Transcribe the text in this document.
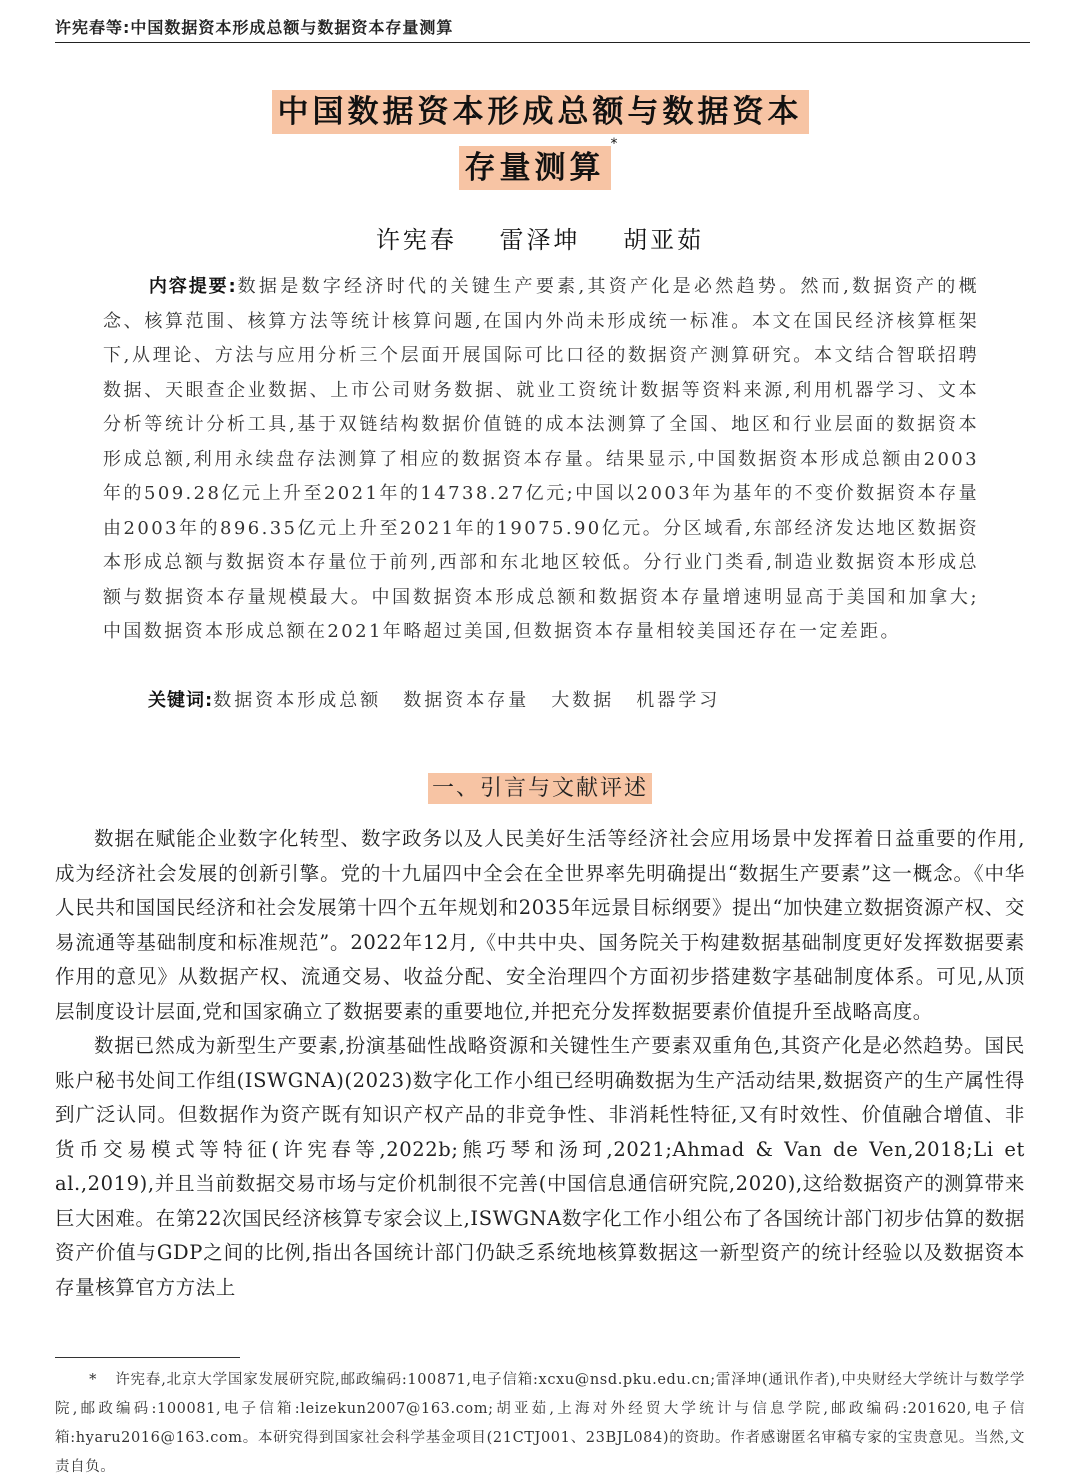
许宪春等:中国数据资本形成总额与数据资本存量测算
中国数据资本形成总额与数据资本
存量测算*
许宪春 雷泽坤 胡亚茹
内容提要:数据是数字经济时代的关键生产要素,其资产化是必然趋势。然而,数据资产的概念、核算范围、核算方法等统计核算问题,在国内外尚未形成统一标准。本文在国民经济核算框架下,从理论、方法与应用分析三个层面开展国际可比口径的数据资产测算研究。本文结合智联招聘数据、天眼查企业数据、上市公司财务数据、就业工资统计数据等资料来源,利用机器学习、文本分析等统计分析工具,基于双链结构数据价值链的成本法测算了全国、地区和行业层面的数据资本形成总额,利用永续盘存法测算了相应的数据资本存量。结果显示,中国数据资本形成总额由2003年的509.28亿元上升至2021年的14738.27亿元;中国以2003年为基年的不变价数据资本存量由2003年的896.35亿元上升至2021年的19075.90亿元。分区域看,东部经济发达地区数据资本形成总额与数据资本存量位于前列,西部和东北地区较低。分行业门类看,制造业数据资本形成总额与数据资本存量规模最大。中国数据资本形成总额和数据资本存量增速明显高于美国和加拿大;中国数据资本形成总额在2021年略超过美国,但数据资本存量相较美国还存在一定差距。
关键词:数据资本形成总额 数据资本存量 大数据 机器学习
一、引言与文献评述

数据在赋能企业数字化转型、数字政务以及人民美好生活等经济社会应用场景中发挥着日益重要的作用,成为经济社会发展的创新引擎。党的十九届四中全会在全世界率先明确提出“数据生产要素”这一概念。《中华人民共和国国民经济和社会发展第十四个五年规划和2035年远景目标纲要》提出“加快建立数据资源产权、交易流通等基础制度和标准规范”。2022年12月,《中共中央、国务院关于构建数据基础制度更好发挥数据要素作用的意见》从数据产权、流通交易、收益分配、安全治理四个方面初步搭建数字基础制度体系。可见,从顶层制度设计层面,党和国家确立了数据要素的重要地位,并把充分发挥数据要素价值提升至战略高度。

数据已然成为新型生产要素,扮演基础性战略资源和关键性生产要素双重角色,其资产化是必然趋势。国民账户秘书处间工作组(ISWGNA)(2023)数字化工作小组已经明确数据为生产活动结果,数据资产的生产属性得到广泛认同。但数据作为资产既有知识产权产品的非竞争性、非消耗性特征,又有时效性、价值融合增值、非货币交易模式等特征(许宪春等,2022b;熊巧琴和汤珂,2021;Ahmad & Van de Ven,2018;Li et al.,2019),并且当前数据交易市场与定价机制很不完善(中国信息通信研究院,2020),这给数据资产的测算带来巨大困难。在第22次国民经济核算专家会议上,ISWGNA数字化工作小组公布了各国统计部门初步估算的数据资产价值与GDP之间的比例,指出各国统计部门仍缺乏系统地核算数据这一新型资产的统计经验以及数据资本存量核算官方方法上

* 许宪春,北京大学国家发展研究院,邮政编码:100871,电子信箱:xcxu@nsd.pku.edu.cn;雷泽坤(通讯作者),中央财经大学统计与数学学院,邮政编码:100081,电子信箱:leizekun2007@163.com;胡亚茹,上海对外经贸大学统计与信息学院,邮政编码:201620,电子信箱:hyaru2016@163.com。本研究得到国家社会科学基金项目(21CTJ001、23BJL084)的资助。作者感谢匿名审稿专家的宝贵意见。当然,文责自负。
